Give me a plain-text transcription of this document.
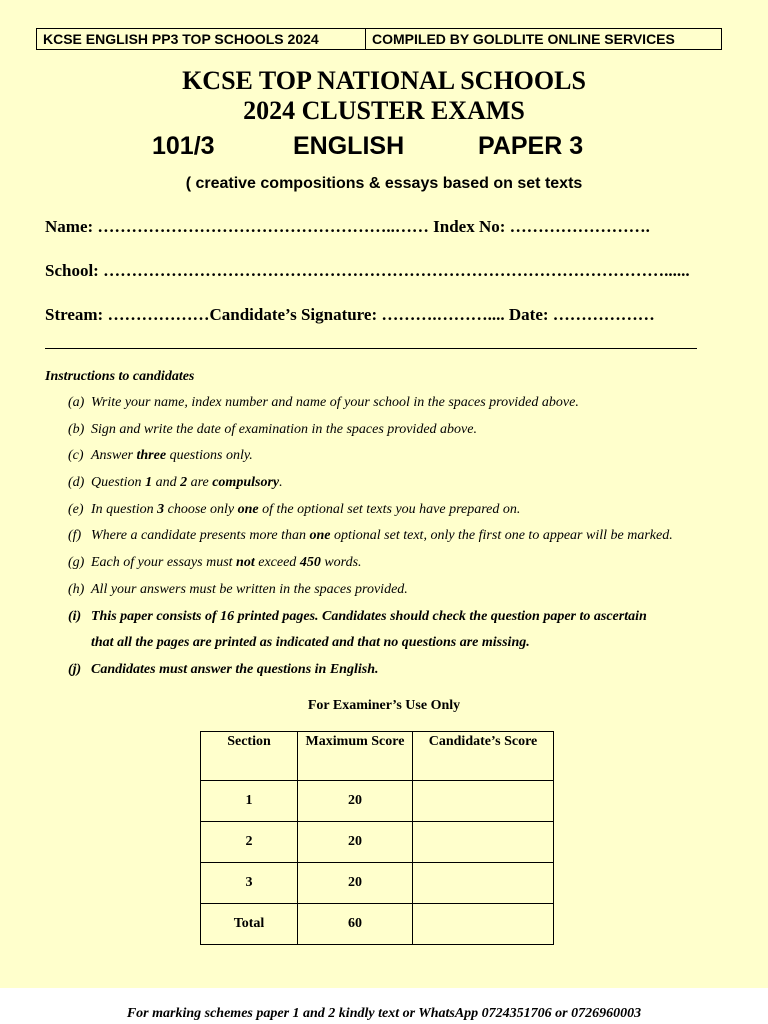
KCSE ENGLISH PP3 TOP SCHOOLS 2024	COMPILED BY GOLDLITE ONLINE SERVICES
KCSE TOP NATIONAL SCHOOLS
2024 CLUSTER EXAMS
101/3	ENGLISH	PAPER 3
( creative compositions & essays based on set texts
Name: ……………………………………………..…… Index No: …………………….
School: ………………………………………………………………………………………......
Stream: ………………Candidate’s Signature: ……….……….... Date: ………………
Instructions to candidates
(a) Write your name, index number and name of your school in the spaces provided above.
(b) Sign and write the date of examination in the spaces provided above.
(c) Answer three questions only.
(d) Question 1 and 2 are compulsory.
(e) In question 3 choose only one of the optional set texts you have prepared on.
(f) Where a candidate presents more than one optional set text, only the first one to appear will be marked.
(g) Each of your essays must not exceed 450 words.
(h) All your answers must be written in the spaces provided.
(i) This paper consists of 16 printed pages. Candidates should check the question paper to ascertain
that all the pages are printed as indicated and that no questions are missing.
(j) Candidates must answer the questions in English.
For Examiner’s Use Only
Section	Maximum Score	Candidate’s Score
1	20	
2	20	
3	20	
Total	60	
For marking schemes paper 1 and 2 kindly text or WhatsApp 0724351706 or 0726960003
